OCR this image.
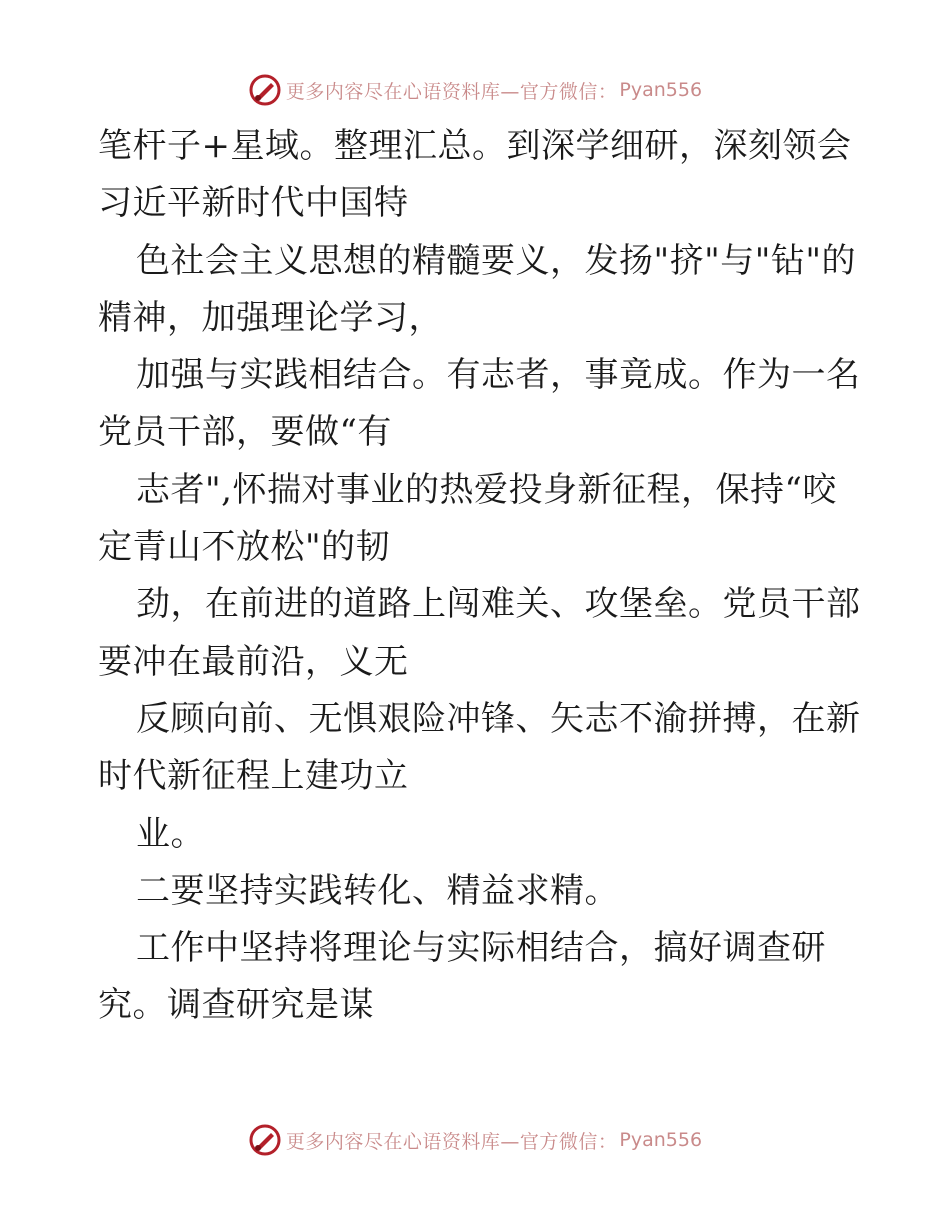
更多内容尽在心语资料库—官方微信： Pyan556
笔杆子+星域。整理汇总。到深学细研，深刻领会
习近平新时代中国特
色社会主义思想的精髓要义，发扬"挤"与"钻"的
精神，加强理论学习，
加强与实践相结合。有志者，事竟成。作为一名
党员干部，要做“有
志者",怀揣对事业的热爱投身新征程，保持“咬
定青山不放松"的韧
劲，在前进的道路上闯难关、攻堡垒。党员干部
要冲在最前沿，义无
反顾向前、无惧艰险冲锋、矢志不渝拼搏，在新
时代新征程上建功立
业。
二要坚持实践转化、精益求精。
工作中坚持将理论与实际相结合，搞好调查研
究。调查研究是谋
更多内容尽在心语资料库—官方微信： Pyan556
